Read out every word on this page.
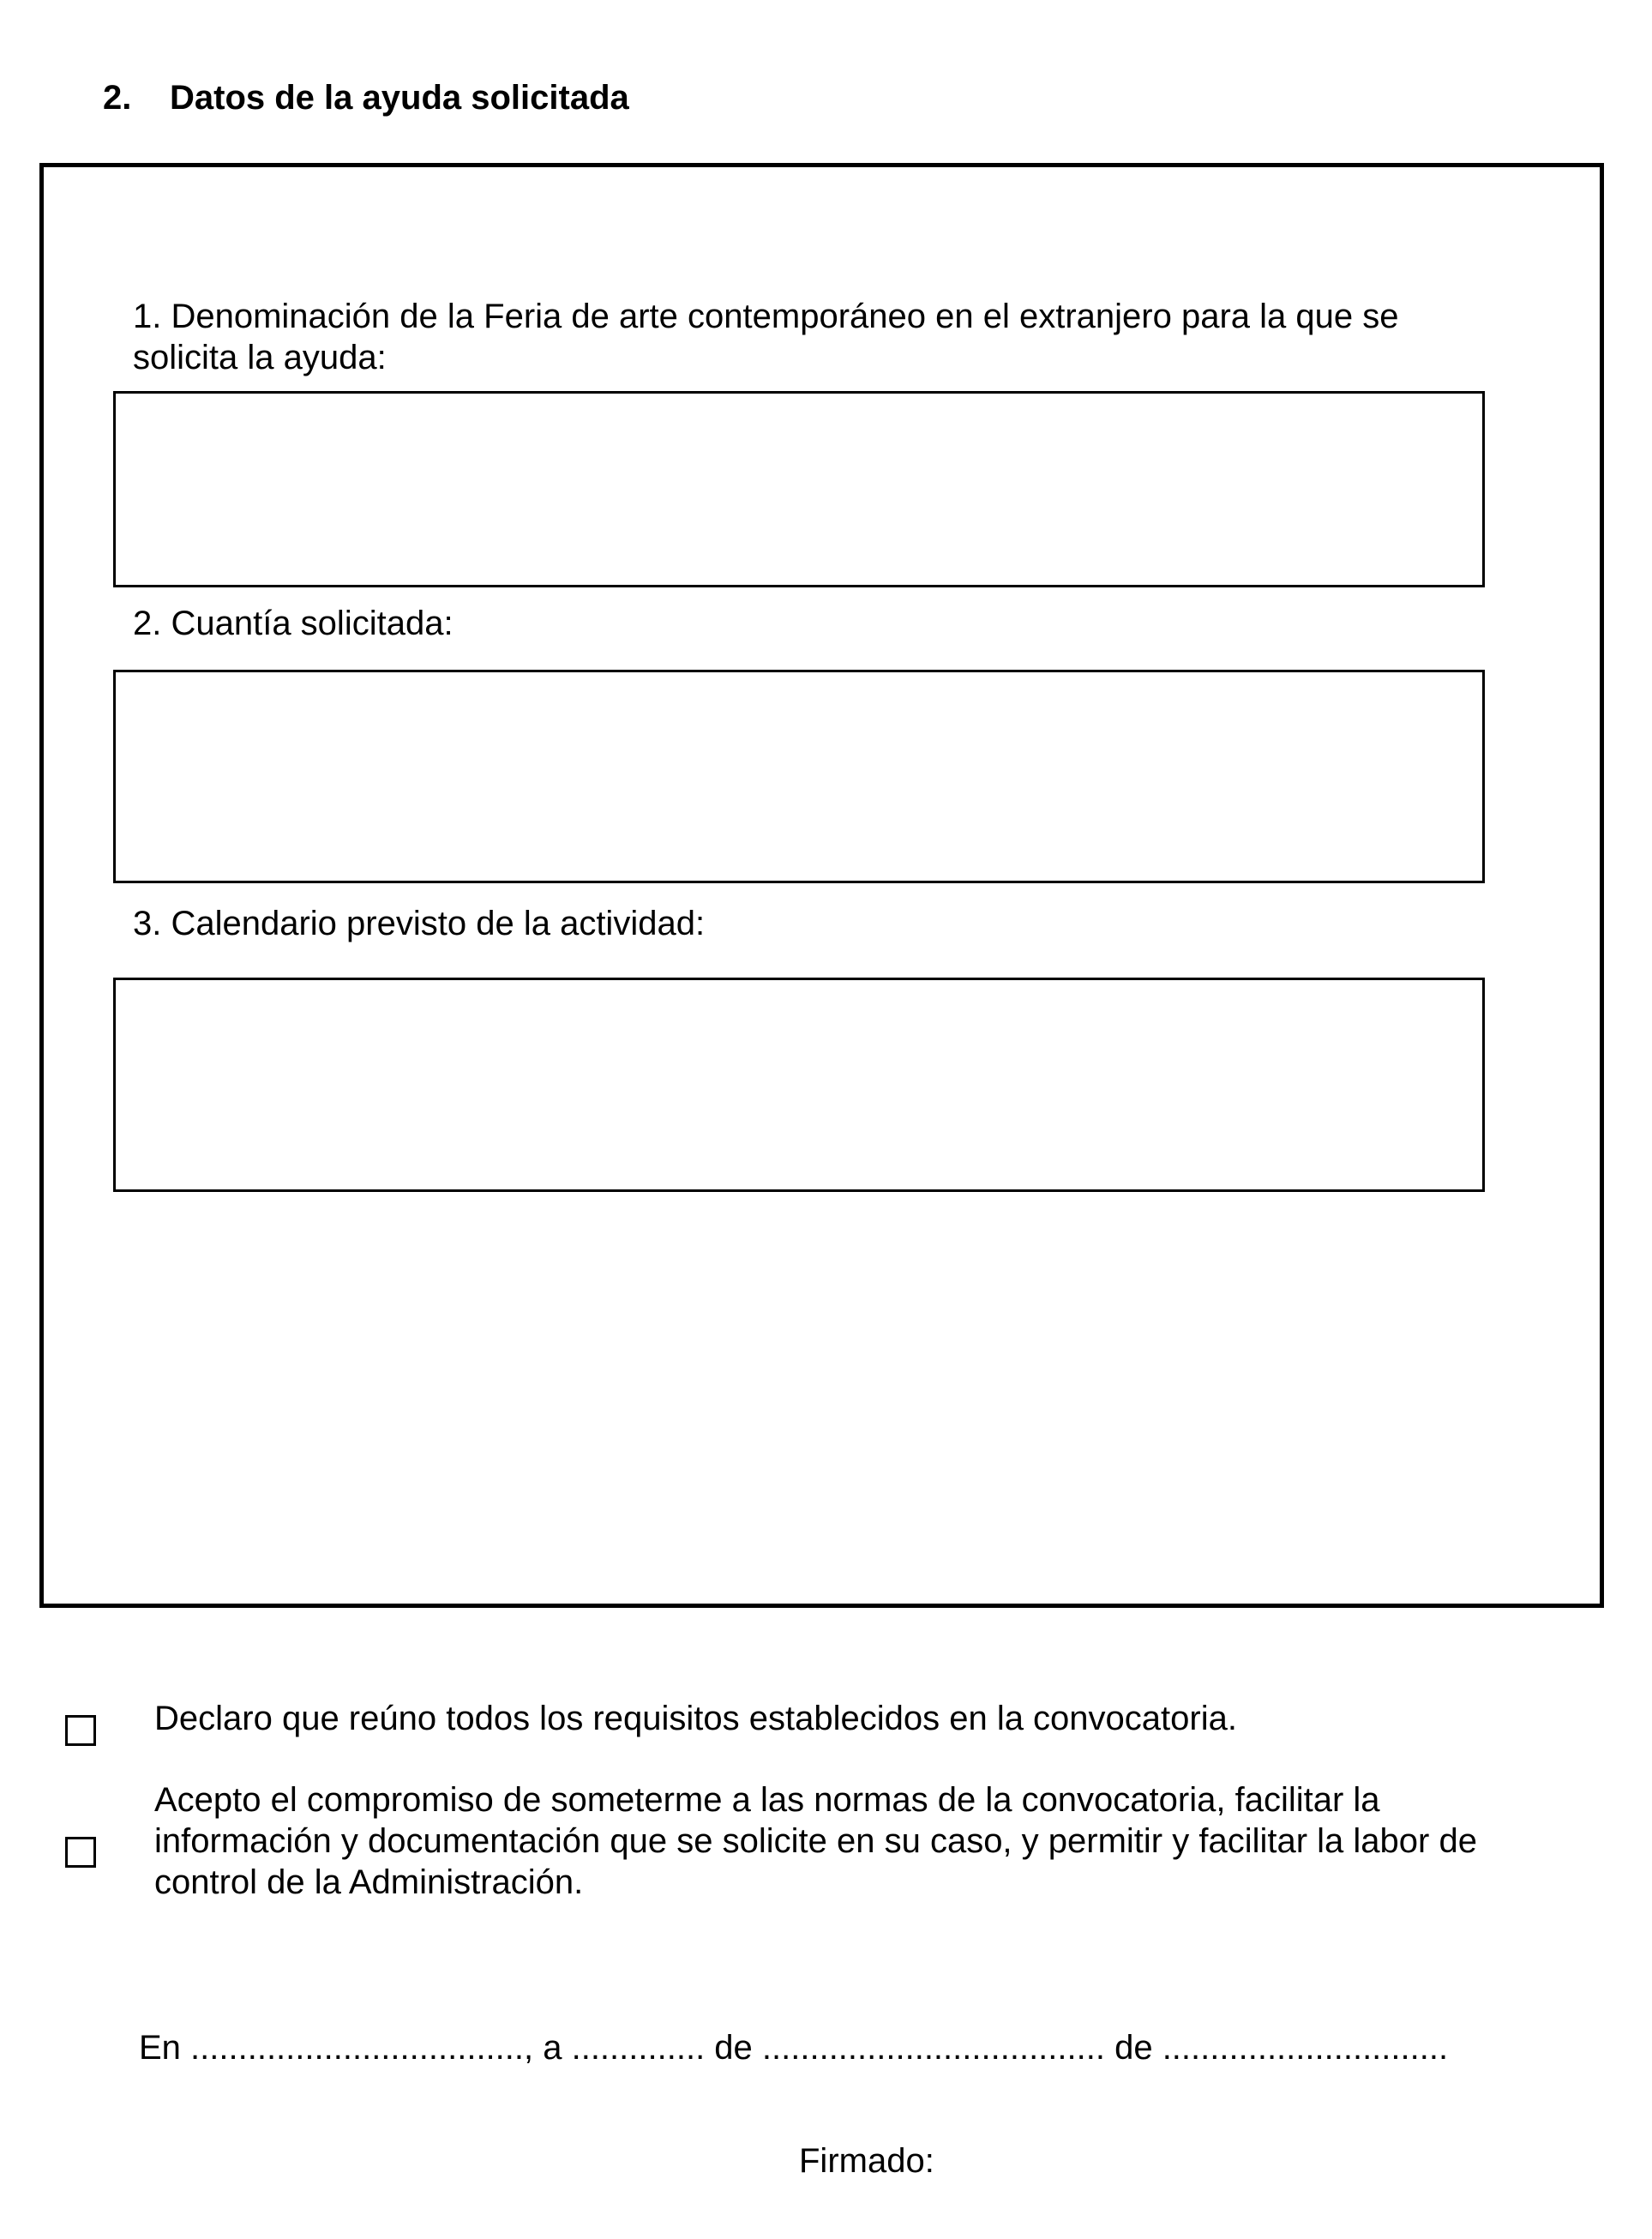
2. Datos de la ayuda solicitada
1. Denominación de la Feria de arte contemporáneo en el extranjero para la que se solicita la ayuda:
2. Cuantía solicitada:
3. Calendario previsto de la actividad:
Declaro que reúno todos los requisitos establecidos en la convocatoria.
Acepto el compromiso de someterme a las normas de la convocatoria, facilitar la información y documentación que se solicite en su caso, y permitir y facilitar la labor de control de la Administración.
En ..................................., a .............. de .................................... de ..............................
Firmado:
